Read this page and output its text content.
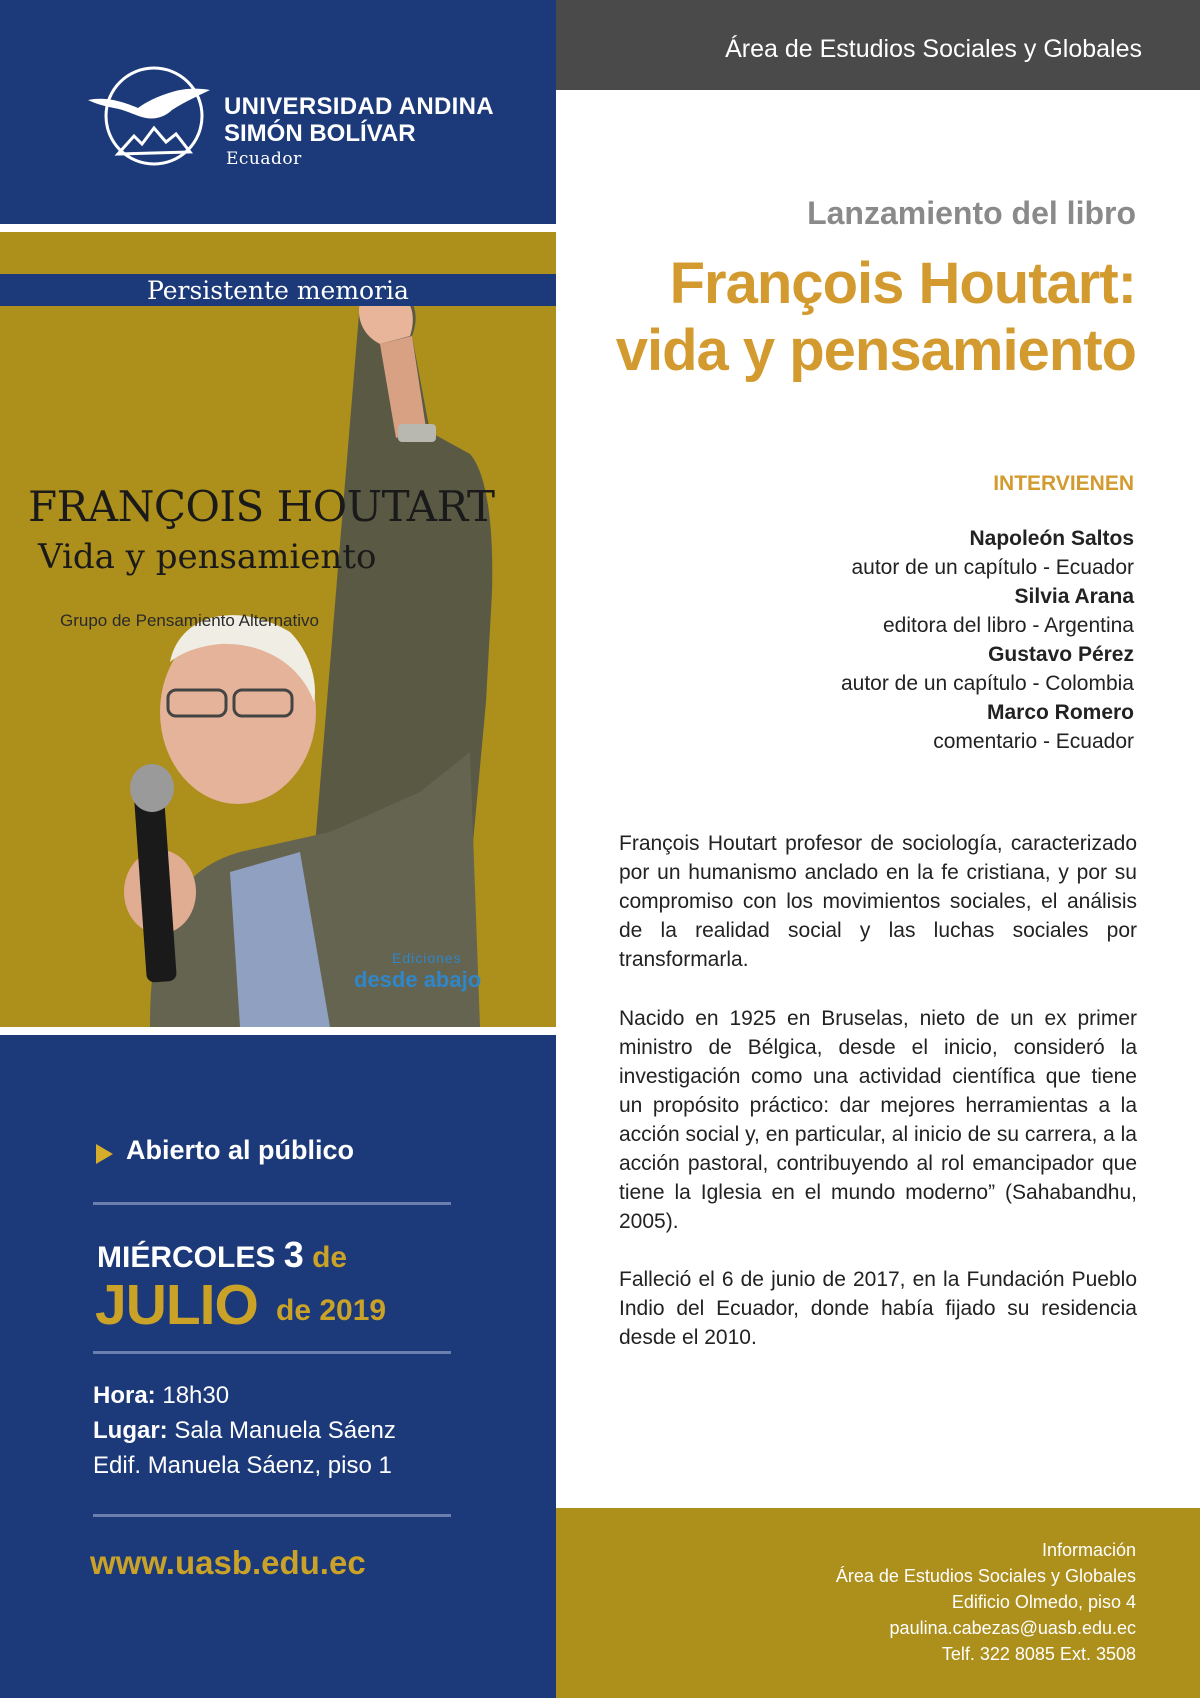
UNIVERSIDAD ANDINA
SIMÓN BOLÍVAR
Ecuador
Persistente memoria
FRANÇOIS HOUTART
Vida y pensamiento
Grupo de Pensamiento Alternativo
Ediciones
desde abajo
Abierto al público
MIÉRCOLES 3 de
JULIO de 2019
Hora: 18h30
Lugar: Sala Manuela Sáenz
Edif. Manuela Sáenz, piso 1
www.uasb.edu.ec
Área de Estudios Sociales y Globales
Lanzamiento del libro
François Houtart:
vida y pensamiento
INTERVIENEN
Napoleón Saltos
autor de un capítulo - Ecuador
Silvia Arana
editora del libro - Argentina
Gustavo Pérez
autor de un capítulo - Colombia
Marco Romero
comentario - Ecuador
François Houtart profesor de sociología, caracterizado por un humanismo anclado en la fe cristiana, y por su compromiso con los movimientos sociales, el análisis de la realidad social y las luchas sociales por transformarla.
Nacido en 1925 en Bruselas, nieto de un ex primer ministro de Bélgica, desde el inicio, consideró la investigación como una actividad científica que tiene un propósito práctico: dar mejores herramientas a la acción social y, en particular, al inicio de su carrera, a la acción pastoral, contribuyendo al rol emancipador que tiene la Iglesia en el mundo moderno” (Sahabandhu, 2005).
Falleció el 6 de junio de 2017, en la Fundación Pueblo Indio del Ecuador, donde había fijado su residencia desde el 2010.
Información
Área de Estudios Sociales y Globales
Edificio Olmedo, piso 4
paulina.cabezas@uasb.edu.ec
Telf. 322 8085 Ext. 3508
